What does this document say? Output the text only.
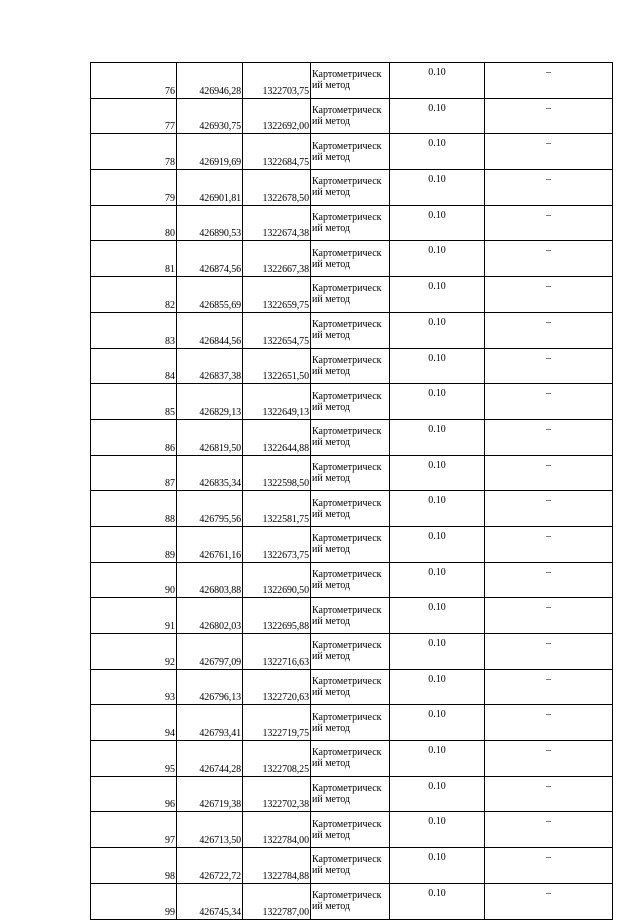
76	426946,28	1322703,75	Картометрическ
ий метод	0.10	–
77	426930,75	1322692,00	Картометрическ
ий метод	0.10	–
78	426919,69	1322684,75	Картометрическ
ий метод	0.10	–
79	426901,81	1322678,50	Картометрическ
ий метод	0.10	–
80	426890,53	1322674,38	Картометрическ
ий метод	0.10	–
81	426874,56	1322667,38	Картометрическ
ий метод	0.10	–
82	426855,69	1322659,75	Картометрическ
ий метод	0.10	–
83	426844,56	1322654,75	Картометрическ
ий метод	0.10	–
84	426837,38	1322651,50	Картометрическ
ий метод	0.10	–
85	426829,13	1322649,13	Картометрическ
ий метод	0.10	–
86	426819,50	1322644,88	Картометрическ
ий метод	0.10	–
87	426835,34	1322598,50	Картометрическ
ий метод	0.10	–
88	426795,56	1322581,75	Картометрическ
ий метод	0.10	–
89	426761,16	1322673,75	Картометрическ
ий метод	0.10	–
90	426803,88	1322690,50	Картометрическ
ий метод	0.10	–
91	426802,03	1322695,88	Картометрическ
ий метод	0.10	–
92	426797,09	1322716,63	Картометрическ
ий метод	0.10	–
93	426796,13	1322720,63	Картометрическ
ий метод	0.10	–
94	426793,41	1322719,75	Картометрическ
ий метод	0.10	–
95	426744,28	1322708,25	Картометрическ
ий метод	0.10	–
96	426719,38	1322702,38	Картометрическ
ий метод	0.10	–
97	426713,50	1322784,00	Картометрическ
ий метод	0.10	–
98	426722,72	1322784,88	Картометрическ
ий метод	0.10	–
99	426745,34	1322787,00	Картометрическ
ий метод	0.10	–
